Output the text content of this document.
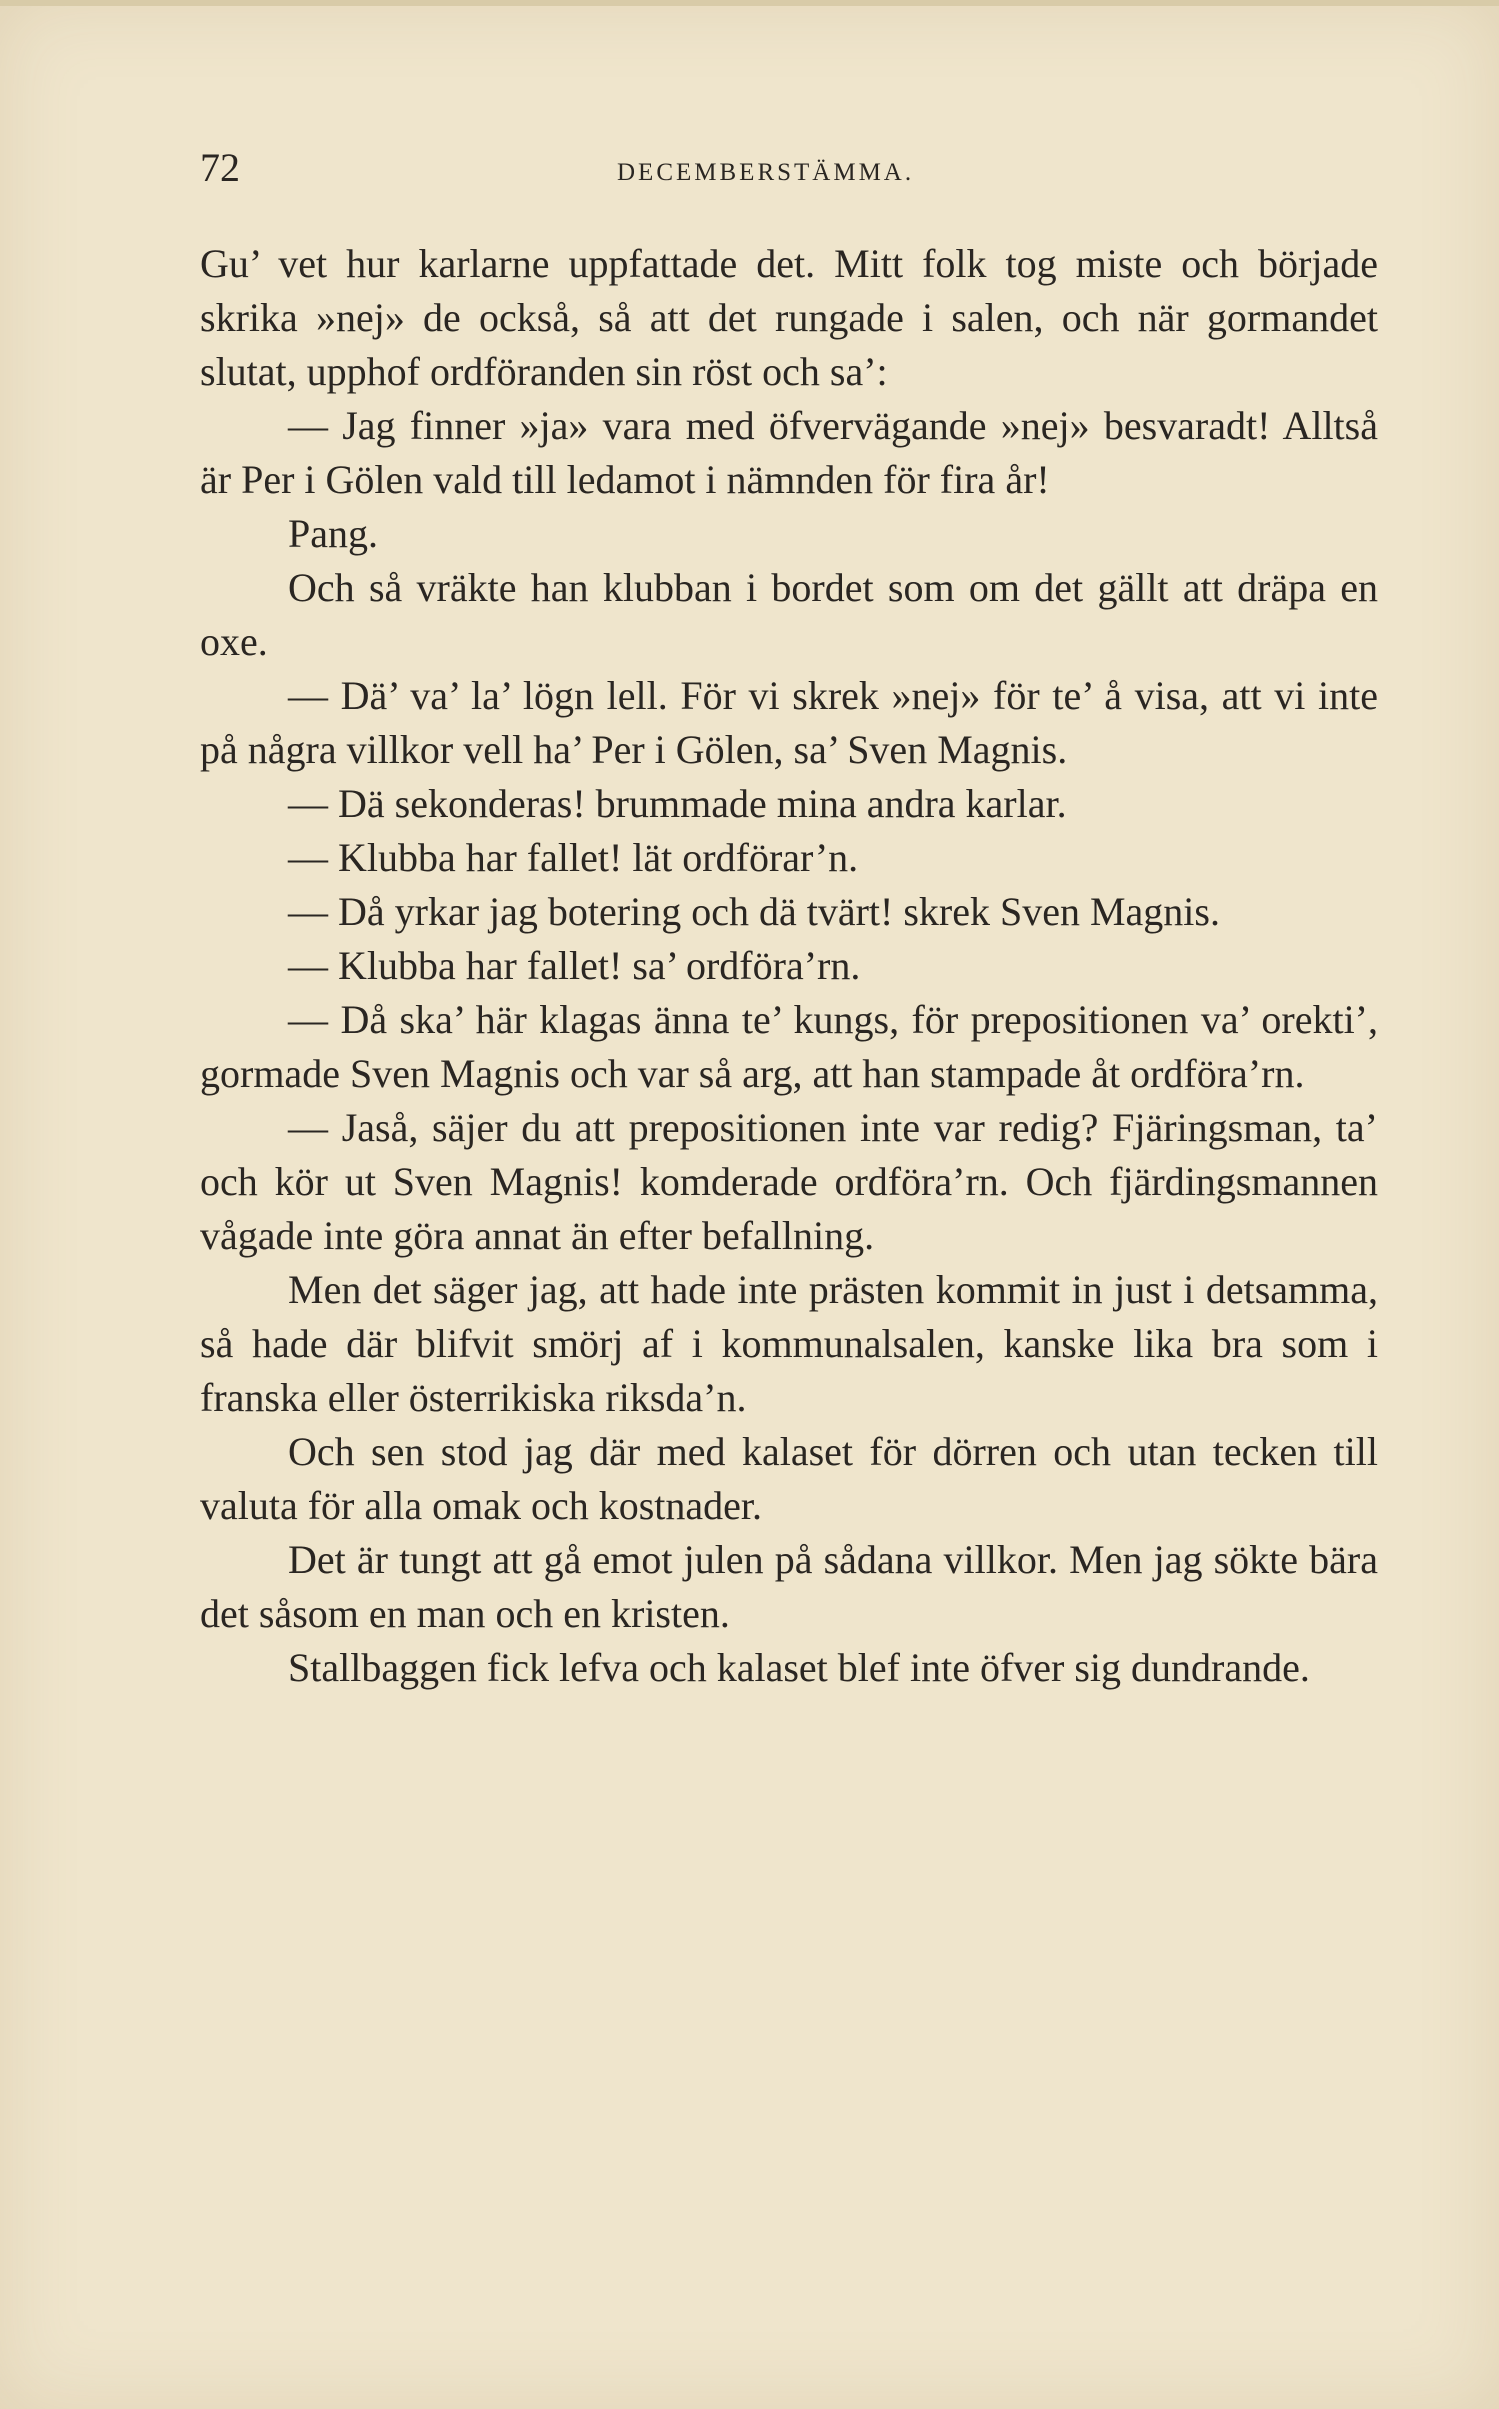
72	DECEMBERSTÄMMA.

Gu’ vet hur karlarne uppfattade det. Mitt folk tog miste och började skrika »nej» de också, så att det rungade i salen, och när gormandet slutat, upphof ordföranden sin röst och sa’:

— Jag finner »ja» vara med öfvervägande »nej» besvaradt! Alltså är Per i Gölen vald till ledamot i nämnden för fira år!

Pang.

Och så vräkte han klubban i bordet som om det gällt att dräpa en oxe.

— Dä’ va’ la’ lögn lell. För vi skrek »nej» för te’ å visa, att vi inte på några villkor vell ha’ Per i Gölen, sa’ Sven Magnis.

— Dä sekonderas! brummade mina andra karlar.

— Klubba har fallet! lät ordförar’n.

— Då yrkar jag botering och dä tvärt! skrek Sven Magnis.

— Klubba har fallet! sa’ ordföra’rn.

— Då ska’ här klagas änna te’ kungs, för prepositionen va’ orekti’, gormade Sven Magnis och var så arg, att han stampade åt ordföra’rn.

— Jaså, säjer du att prepositionen inte var redig? Fjäringsman, ta’ och kör ut Sven Magnis! komderade ordföra’rn. Och fjärdingsmannen vågade inte göra annat än efter befallning.

Men det säger jag, att hade inte prästen kommit in just i detsamma, så hade där blifvit smörj af i kommunalsalen, kanske lika bra som i franska eller österrikiska riksda’n.

Och sen stod jag där med kalaset för dörren och utan tecken till valuta för alla omak och kostnader.

Det är tungt att gå emot julen på sådana villkor. Men jag sökte bära det såsom en man och en kristen.

Stallbaggen fick lefva och kalaset blef inte öfver sig dundrande.
